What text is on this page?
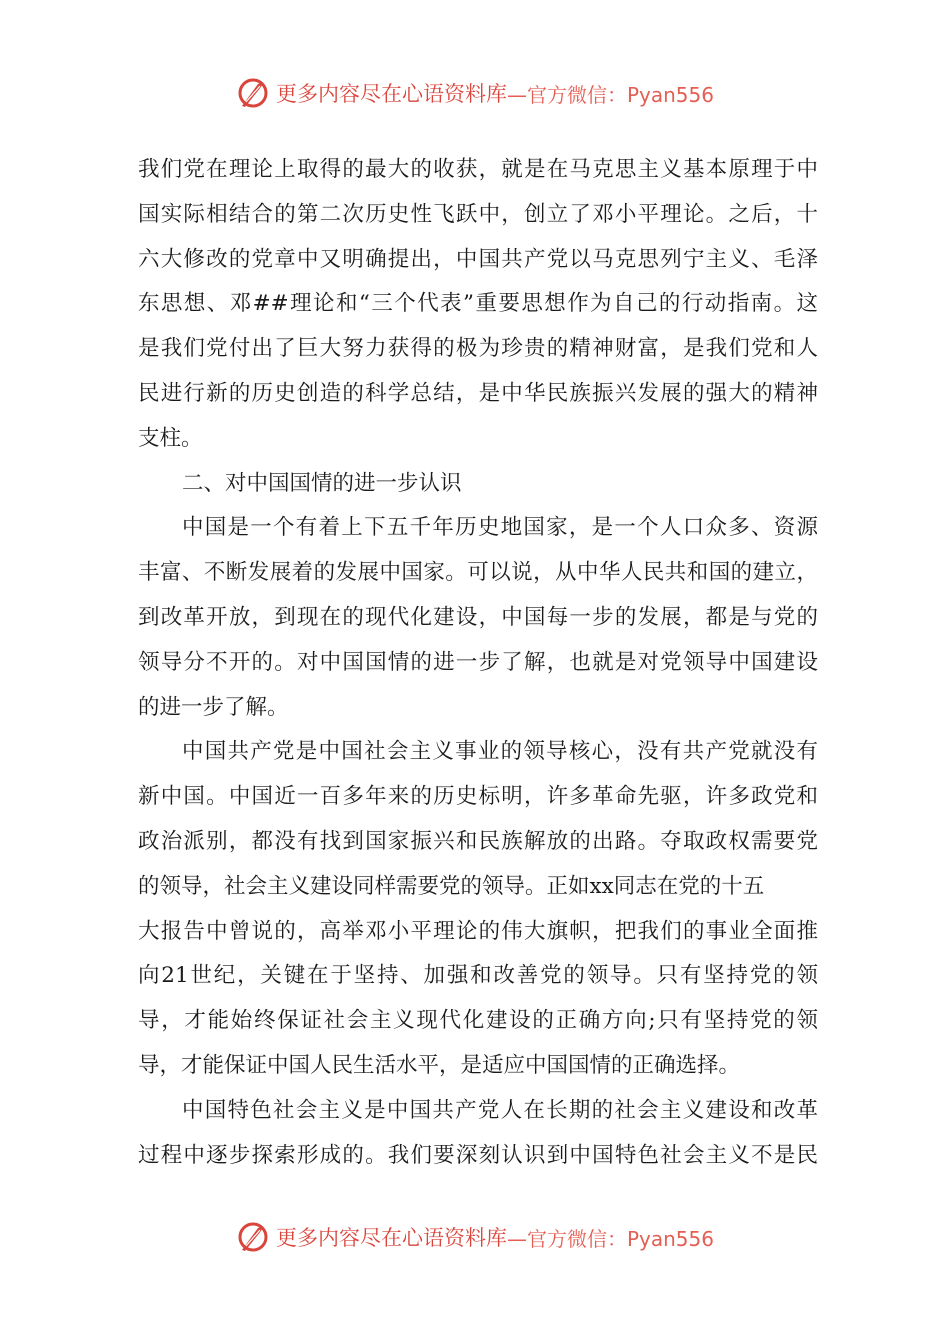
更多内容尽在心语资料库 —官方微信：Pyan556
我们党在理论上取得的最大的收获，就是在马克思主义基本原理于中
国实际相结合的第二次历史性飞跃中，创立了邓小平理论。之后，十
六大修改的党章中又明确提出，中国共产党以马克思列宁主义、毛泽
东思想、邓##理论和“三个代表”重要思想作为自己的行动指南。这
是我们党付出了巨大努力获得的极为珍贵的精神财富，是我们党和人
民进行新的历史创造的科学总结，是中华民族振兴发展的强大的精神
支柱。
二、对中国国情的进一步认识
中国是一个有着上下五千年历史地国家，是一个人口众多、资源
丰富、不断发展着的发展中国家。可以说，从中华人民共和国的建立，
到改革开放，到现在的现代化建设，中国每一步的发展，都是与党的
领导分不开的。对中国国情的进一步了解，也就是对党领导中国建设
的进一步了解。
中国共产党是中国社会主义事业的领导核心，没有共产党就没有
新中国。中国近一百多年来的历史标明，许多革命先驱，许多政党和
政治派别，都没有找到国家振兴和民族解放的出路。夺取政权需要党
的领导，社会主义建设同样需要党的领导。正如xx同志在党的十五
大报告中曾说的，高举邓小平理论的伟大旗帜，把我们的事业全面推
向21世纪，关键在于坚持、加强和改善党的领导。只有坚持党的领
导，才能始终保证社会主义现代化建设的正确方向;只有坚持党的领
导，才能保证中国人民生活水平，是适应中国国情的正确选择。
中国特色社会主义是中国共产党人在长期的社会主义建设和改革
过程中逐步探索形成的。我们要深刻认识到中国特色社会主义不是民
更多内容尽在心语资料库 —官方微信：Pyan556
